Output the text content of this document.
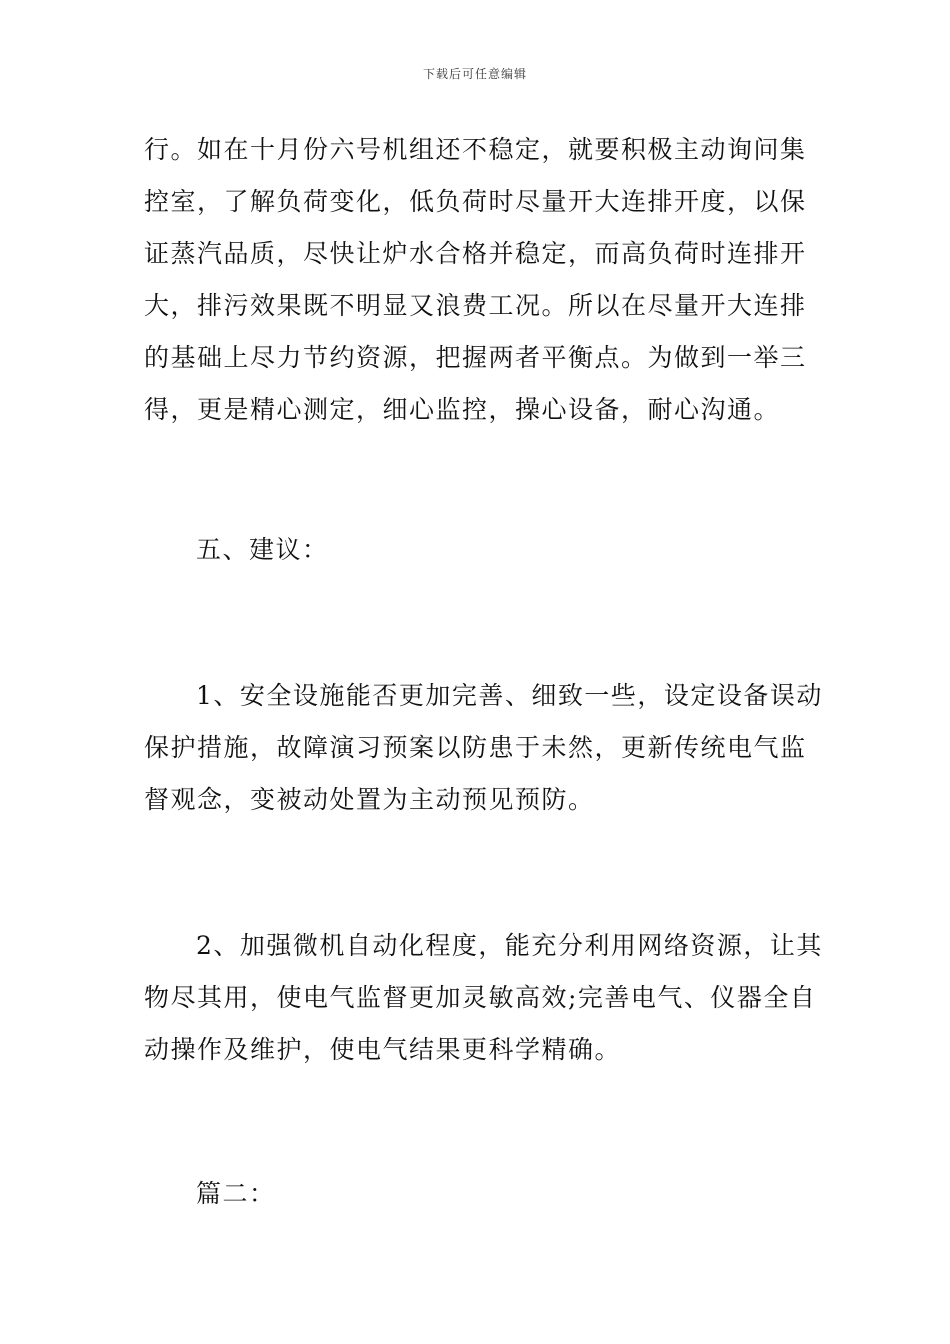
下载后可任意编辑

行。如在十月份六号机组还不稳定，就要积极主动询问集
控室，了解负荷变化，低负荷时尽量开大连排开度，以保
证蒸汽品质，尽快让炉水合格并稳定，而高负荷时连排开
大，排污效果既不明显又浪费工况。所以在尽量开大连排
的基础上尽力节约资源，把握两者平衡点。为做到一举三
得，更是精心测定，细心监控，操心设备，耐心沟通。

五、建议：

1、安全设施能否更加完善、细致一些，设定设备误动
保护措施，故障演习预案以防患于未然，更新传统电气监
督观念，变被动处置为主动预见预防。

2、加强微机自动化程度，能充分利用网络资源，让其
物尽其用，使电气监督更加灵敏高效;完善电气、仪器全自
动操作及维护，使电气结果更科学精确。

篇二：
